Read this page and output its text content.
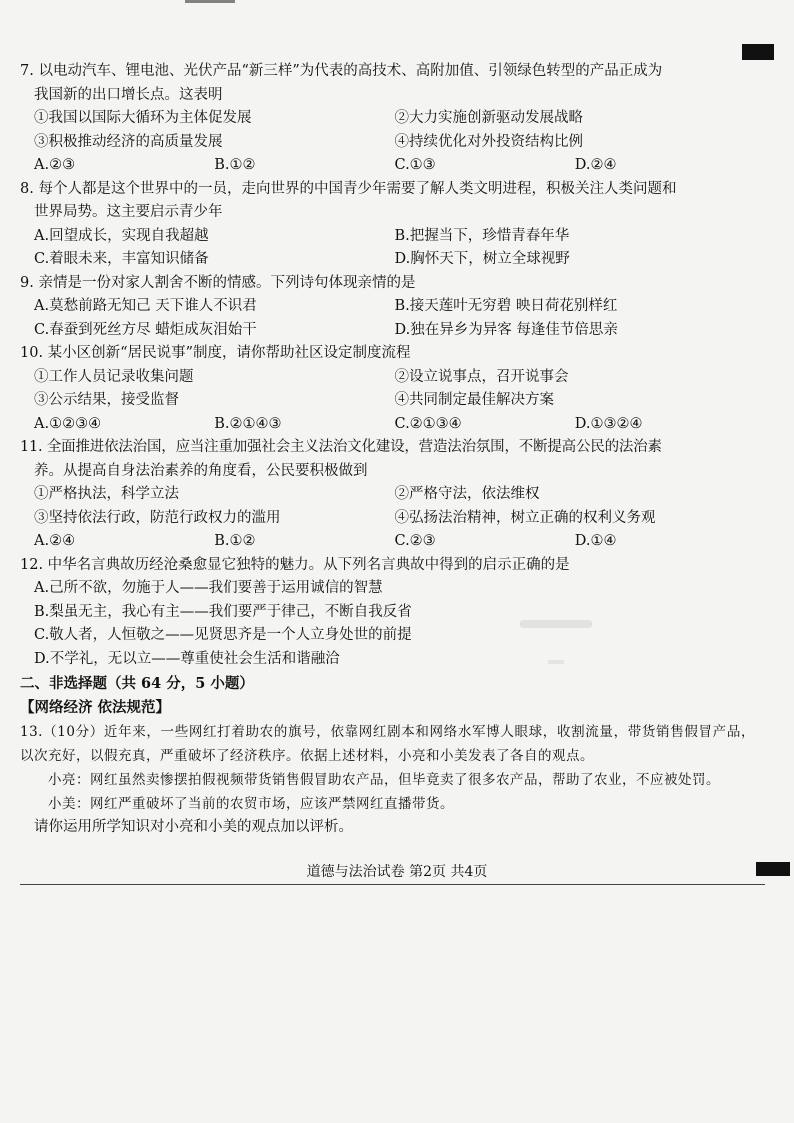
7. 以电动汽车、锂电池、光伏产品“新三样”为代表的高技术、高附加值、引领绿色转型的产品正成为
我国新的出口增长点。这表明
①我国以国际大循环为主体促发展	②大力实施创新驱动发展战略
③积极推动经济的高质量发展	④持续优化对外投资结构比例
A.②③	B.①②	C.①③	D.②④
8. 每个人都是这个世界中的一员，走向世界的中国青少年需要了解人类文明进程，积极关注人类问题和
世界局势。这主要启示青少年
A.回望成长，实现自我超越	B.把握当下，珍惜青春年华
C.着眼未来，丰富知识储备	D.胸怀天下，树立全球视野
9. 亲情是一份对家人割舍不断的情感。下列诗句体现亲情的是
A.莫愁前路无知己 天下谁人不识君	B.接天莲叶无穷碧 映日荷花别样红
C.春蚕到死丝方尽 蜡炬成灰泪始干	D.独在异乡为异客 每逢佳节倍思亲
10. 某小区创新“居民说事”制度，请你帮助社区设定制度流程
①工作人员记录收集问题	②设立说事点，召开说事会
③公示结果，接受监督	④共同制定最佳解决方案
A.①②③④	B.②①④③	C.②①③④	D.①③②④
11. 全面推进依法治国，应当注重加强社会主义法治文化建设，营造法治氛围，不断提高公民的法治素
养。从提高自身法治素养的角度看，公民要积极做到
①严格执法，科学立法	②严格守法，依法维权
③坚持依法行政，防范行政权力的滥用	④弘扬法治精神，树立正确的权利义务观
A.②④	B.①②	C.②③	D.①④
12. 中华名言典故历经沧桑愈显它独特的魅力。从下列名言典故中得到的启示正确的是
A.己所不欲，勿施于人——我们要善于运用诚信的智慧
B.梨虽无主，我心有主——我们要严于律己，不断自我反省
C.敬人者，人恒敬之——见贤思齐是一个人立身处世的前提
D.不学礼，无以立——尊重使社会生活和谐融洽
二、非选择题（共 64 分，5 小题）
【网络经济 依法规范】
13.（10分）近年来，一些网红打着助农的旗号，依靠网红剧本和网络水军博人眼球，收割流量，带货销售假冒产品，以次充好，以假充真，严重破坏了经济秩序。依据上述材料，小亮和小美发表了各自的观点。
小亮：网红虽然卖惨摆拍假视频带货销售假冒助农产品，但毕竟卖了很多农产品，帮助了农业，不应被处罚。
小美：网红严重破坏了当前的农贸市场，应该严禁网红直播带货。
请你运用所学知识对小亮和小美的观点加以评析。
道德与法治试卷 第2页 共4页
